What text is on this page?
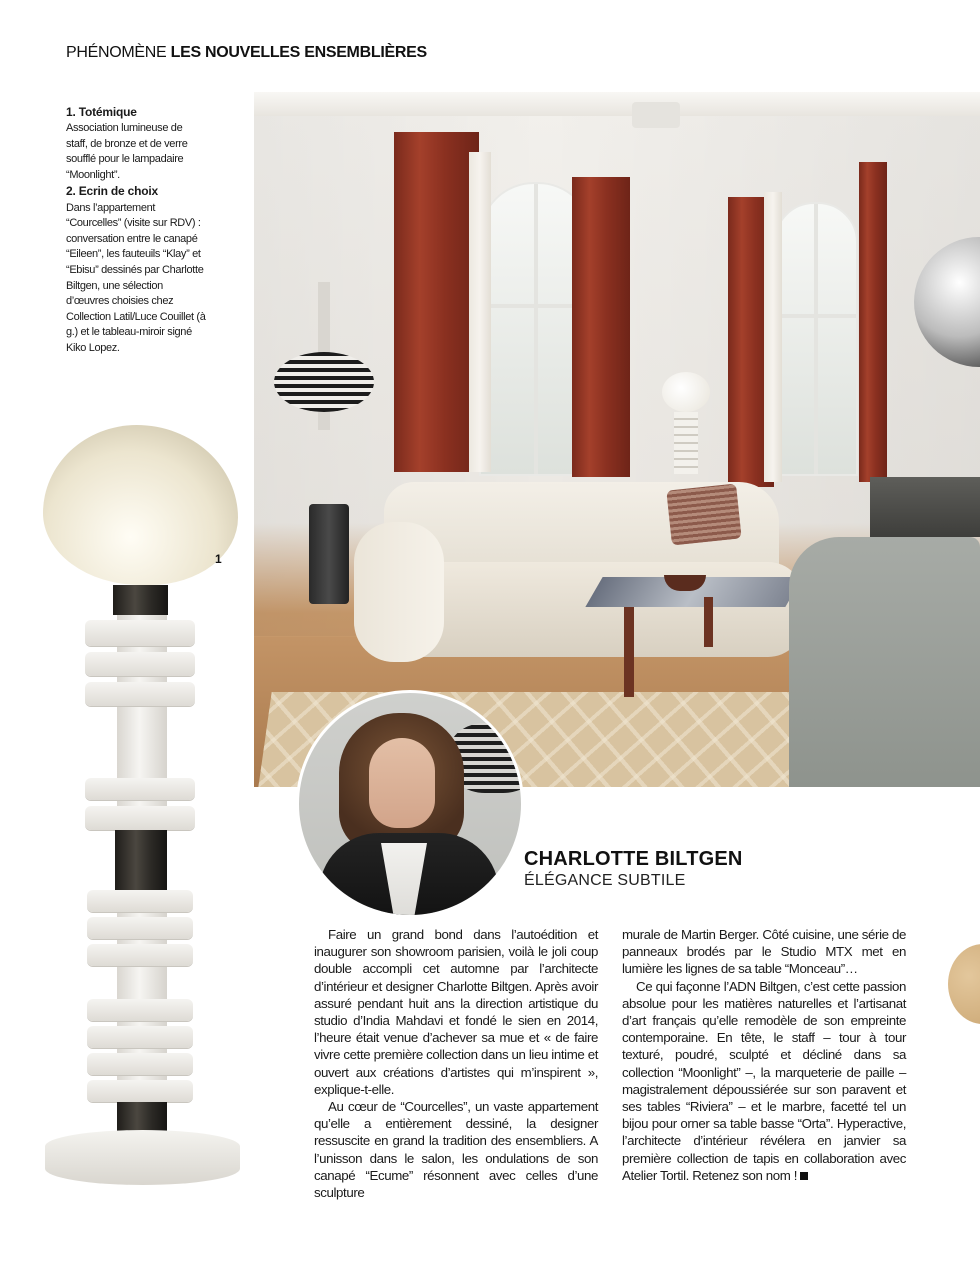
PHÉNOMÈNE LES NOUVELLES ENSEMBLIÈRES

1. Totémique

Association lumineuse de staff, de bronze et de verre soufflé pour le lampadaire “Moonlight”.

2. Ecrin de choix

Dans l’appartement “Courcelles” (visite sur RDV) : conversation entre le canapé “Eileen”, les fauteuils “Klay” et “Ebisu” dessinés par Charlotte Biltgen, une sélection d’œuvres choisies chez Collection Latil/Luce Couillet (à g.) et le tableau-miroir signé Kiko Lopez.

1
CHARLOTTE BILTGEN
ÉLÉGANCE SUBTILE

Faire un grand bond dans l’autoédition et inaugurer son showroom parisien, voilà le joli coup double accompli cet automne par l’architecte d’intérieur et designer Charlotte Biltgen. Après avoir assuré pendant huit ans la direction artistique du studio d’India Mahdavi et fondé le sien en 2014, l’heure était venue d’achever sa mue et « de faire vivre cette première collection dans un lieu intime et ouvert aux créations d’artistes qui m’inspirent », explique-t-elle.

Au cœur de “Courcelles”, un vaste appartement qu’elle a entièrement dessiné, la designer ressuscite en grand la tradition des ensembliers. A l’unisson dans le salon, les ondulations de son canapé “Ecume” résonnent avec celles d’une sculpture

murale de Martin Berger. Côté cuisine, une série de panneaux brodés par le Studio MTX met en lumière les lignes de sa table “Monceau”…

Ce qui façonne l’ADN Biltgen, c’est cette passion absolue pour les matières naturelles et l’artisanat d’art français qu’elle remodèle de son empreinte contemporaine. En tête, le staff – tour à tour texturé, poudré, sculpté et décliné dans sa collection “Moonlight” –, la marqueterie de paille – magistralement dépoussiérée sur son paravent et ses tables “Riviera” – et le marbre, facetté tel un bijou pour orner sa table basse “Orta”. Hyperactive, l’architecte d’intérieur révélera en janvier sa première collection de tapis en collaboration avec Atelier Tortil. Retenez son nom !
